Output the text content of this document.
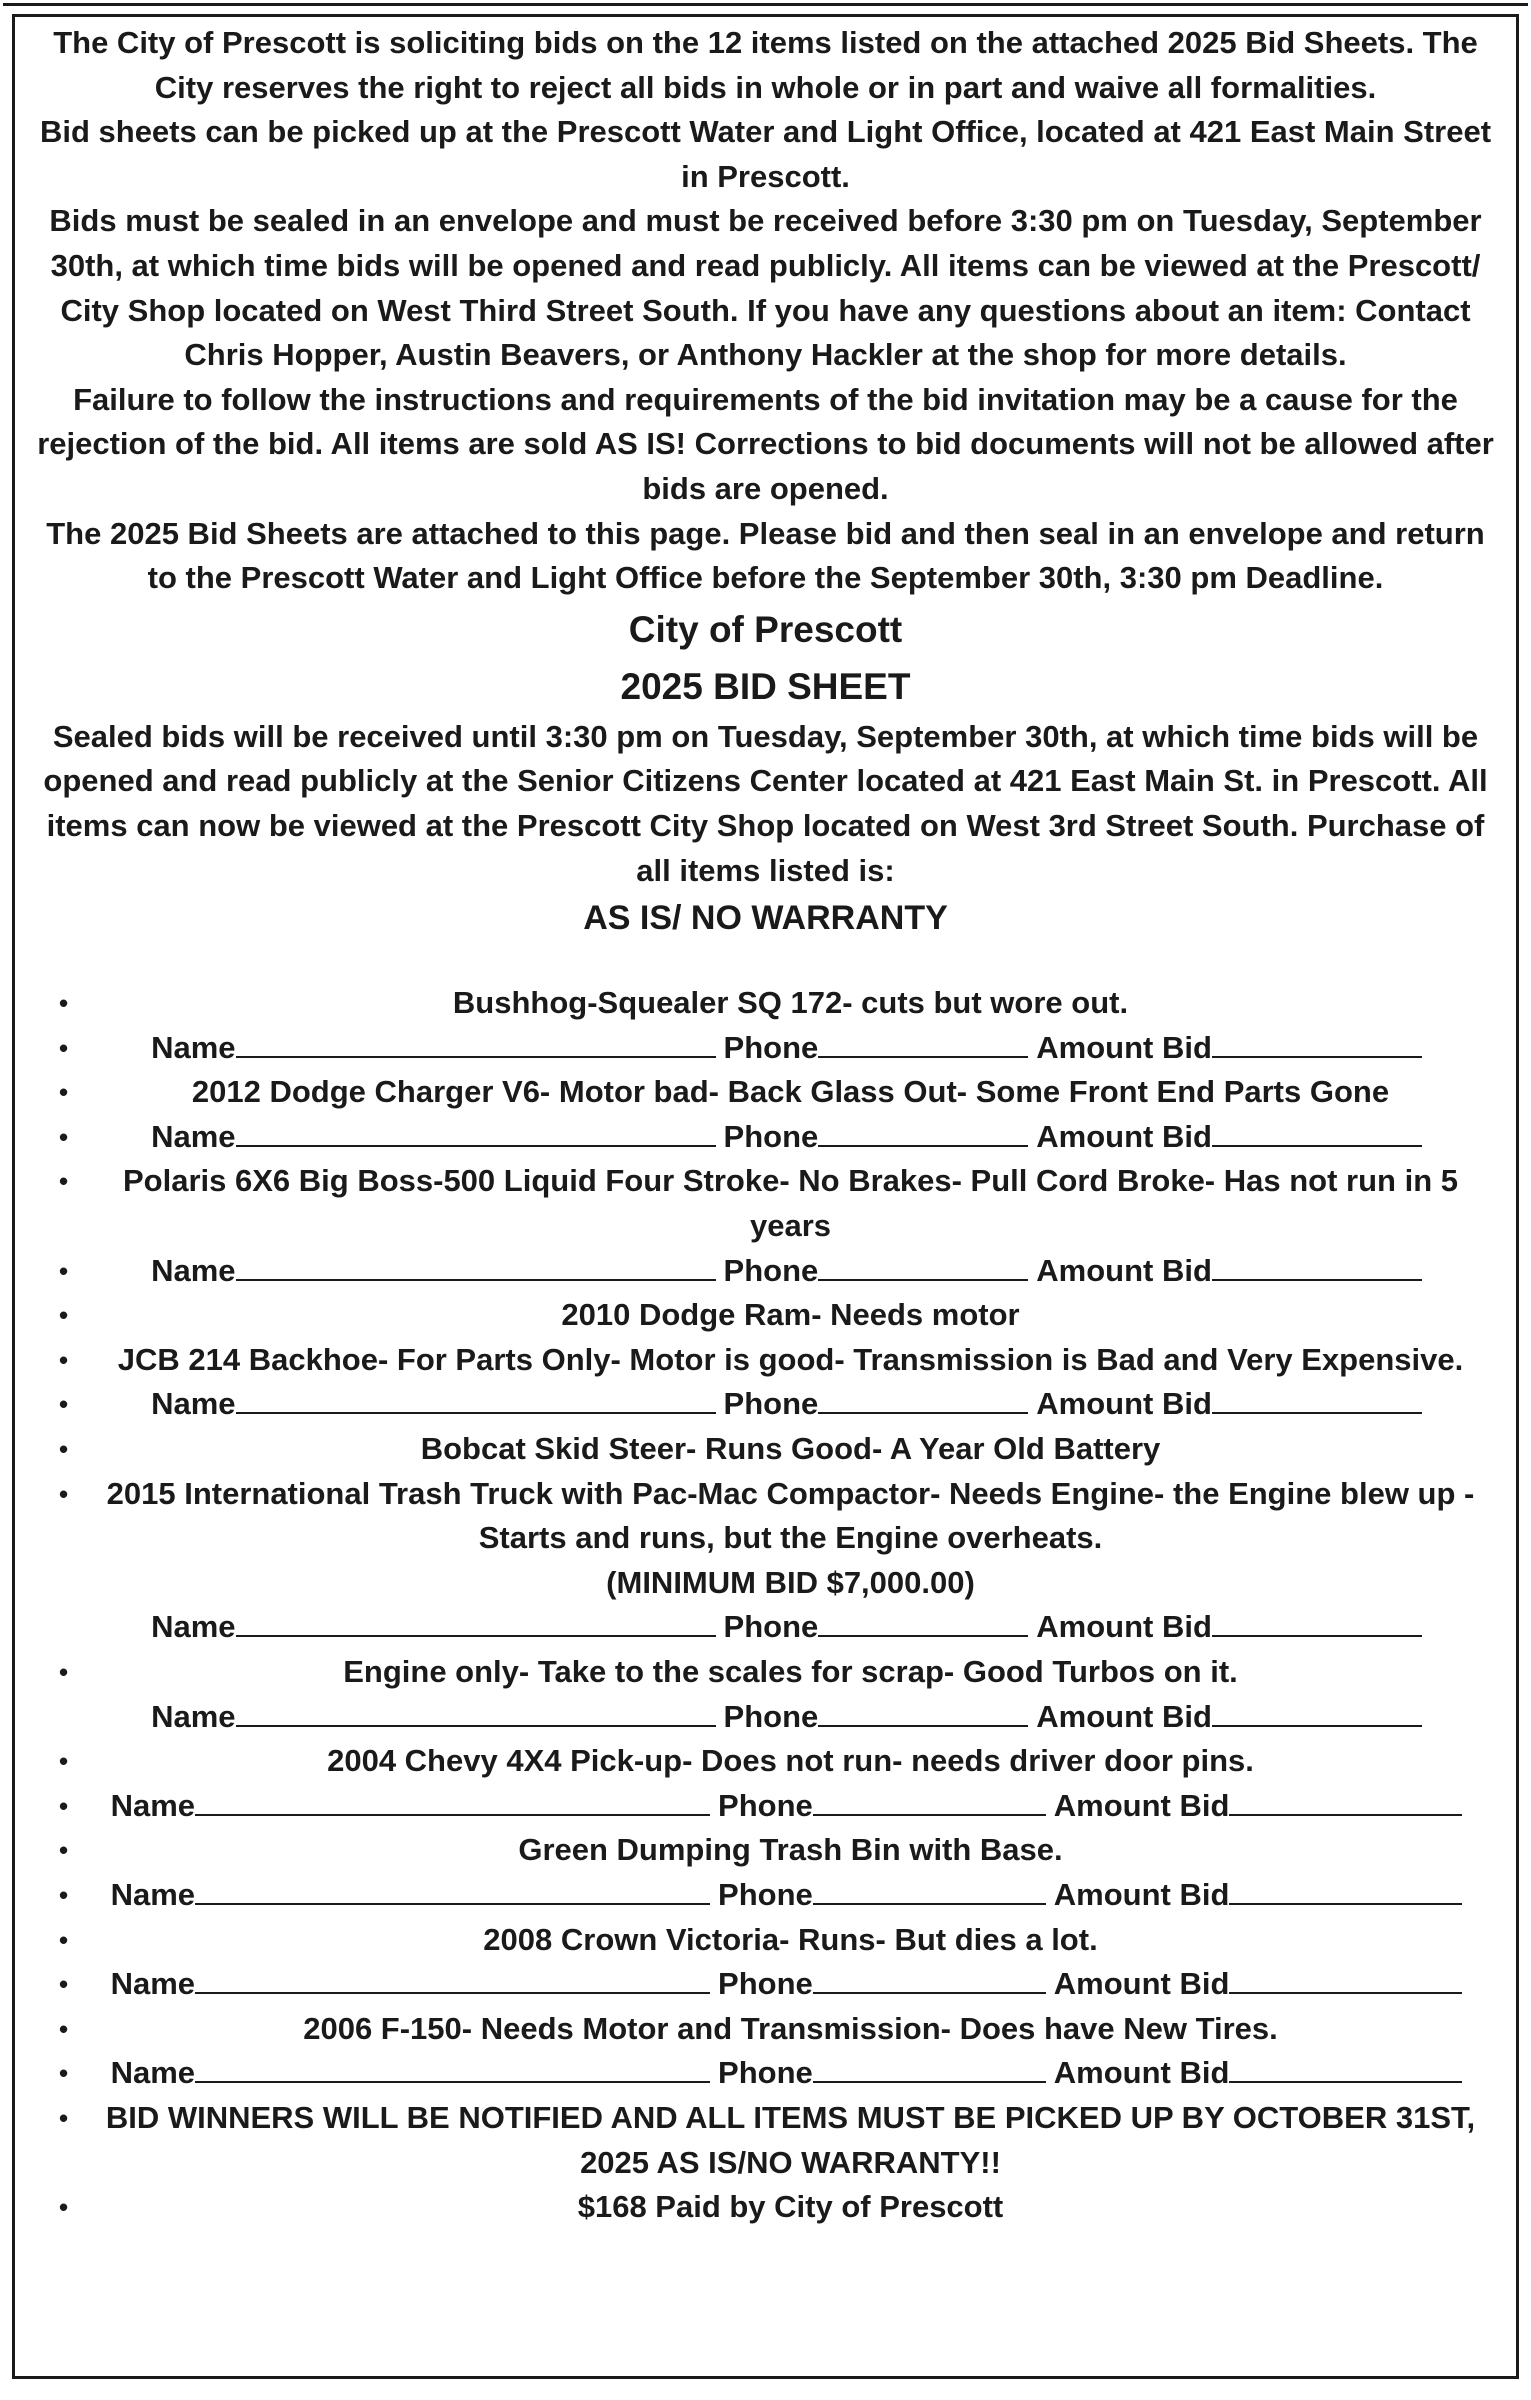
The City of Prescott is soliciting bids on the 12 items listed on the attached 2025 Bid Sheets. The City reserves the right to reject all bids in whole or in part and waive all formalities.

Bid sheets can be picked up at the Prescott Water and Light Office, located at 421 East Main Street in Prescott.

Bids must be sealed in an envelope and must be received before 3:30 pm on Tuesday, September 30th, at which time bids will be opened and read publicly. All items can be viewed at the Prescott/ City Shop located on West Third Street South. If you have any questions about an item: Contact Chris Hopper, Austin Beavers, or Anthony Hackler at the shop for more details.

Failure to follow the instructions and requirements of the bid invitation may be a cause for the rejection of the bid. All items are sold AS IS! Corrections to bid documents will not be allowed after bids are opened.

The 2025 Bid Sheets are attached to this page. Please bid and then seal in an envelope and return to the Prescott Water and Light Office before the September 30th, 3:30 pm Deadline.

City of Prescott
2025 BID SHEET

Sealed bids will be received until 3:30 pm on Tuesday, September 30th, at which time bids will be opened and read publicly at the Senior Citizens Center located at 421 East Main St. in Prescott. All items can now be viewed at the Prescott City Shop located on West 3rd Street South. Purchase of all items listed is:

AS IS/ NO WARRANTY

• Bushhog-Squealer SQ 172- cuts but wore out.
• Name	Phone	Amount Bid
• 2012 Dodge Charger V6- Motor bad- Back Glass Out- Some Front End Parts Gone
• Name	Phone	Amount Bid
• Polaris 6X6 Big Boss-500 Liquid Four Stroke- No Brakes- Pull Cord Broke- Has not run in 5 years
• Name	Phone	Amount Bid
• 2010 Dodge Ram- Needs motor
• JCB 214 Backhoe- For Parts Only- Motor is good- Transmission is Bad and Very Expensive.
• Name	Phone	Amount Bid
• Bobcat Skid Steer- Runs Good- A Year Old Battery
• 2015 International Trash Truck with Pac-Mac Compactor- Needs Engine- the Engine blew up -Starts and runs, but the Engine overheats.
(MINIMUM BID $7,000.00)
Name	Phone	Amount Bid
• Engine only- Take to the scales for scrap- Good Turbos on it.
Name	Phone	Amount Bid
• 2004 Chevy 4X4 Pick-up- Does not run- needs driver door pins.
• Name	Phone	Amount Bid
• Green Dumping Trash Bin with Base.
• Name	Phone	Amount Bid
• 2008 Crown Victoria- Runs- But dies a lot.
• Name	Phone	Amount Bid
• 2006 F-150- Needs Motor and Transmission- Does have New Tires.
• Name	Phone	Amount Bid
• BID WINNERS WILL BE NOTIFIED AND ALL ITEMS MUST BE PICKED UP BY OCTOBER 31ST, 2025 AS IS/NO WARRANTY!!
• $168 Paid by City of Prescott
